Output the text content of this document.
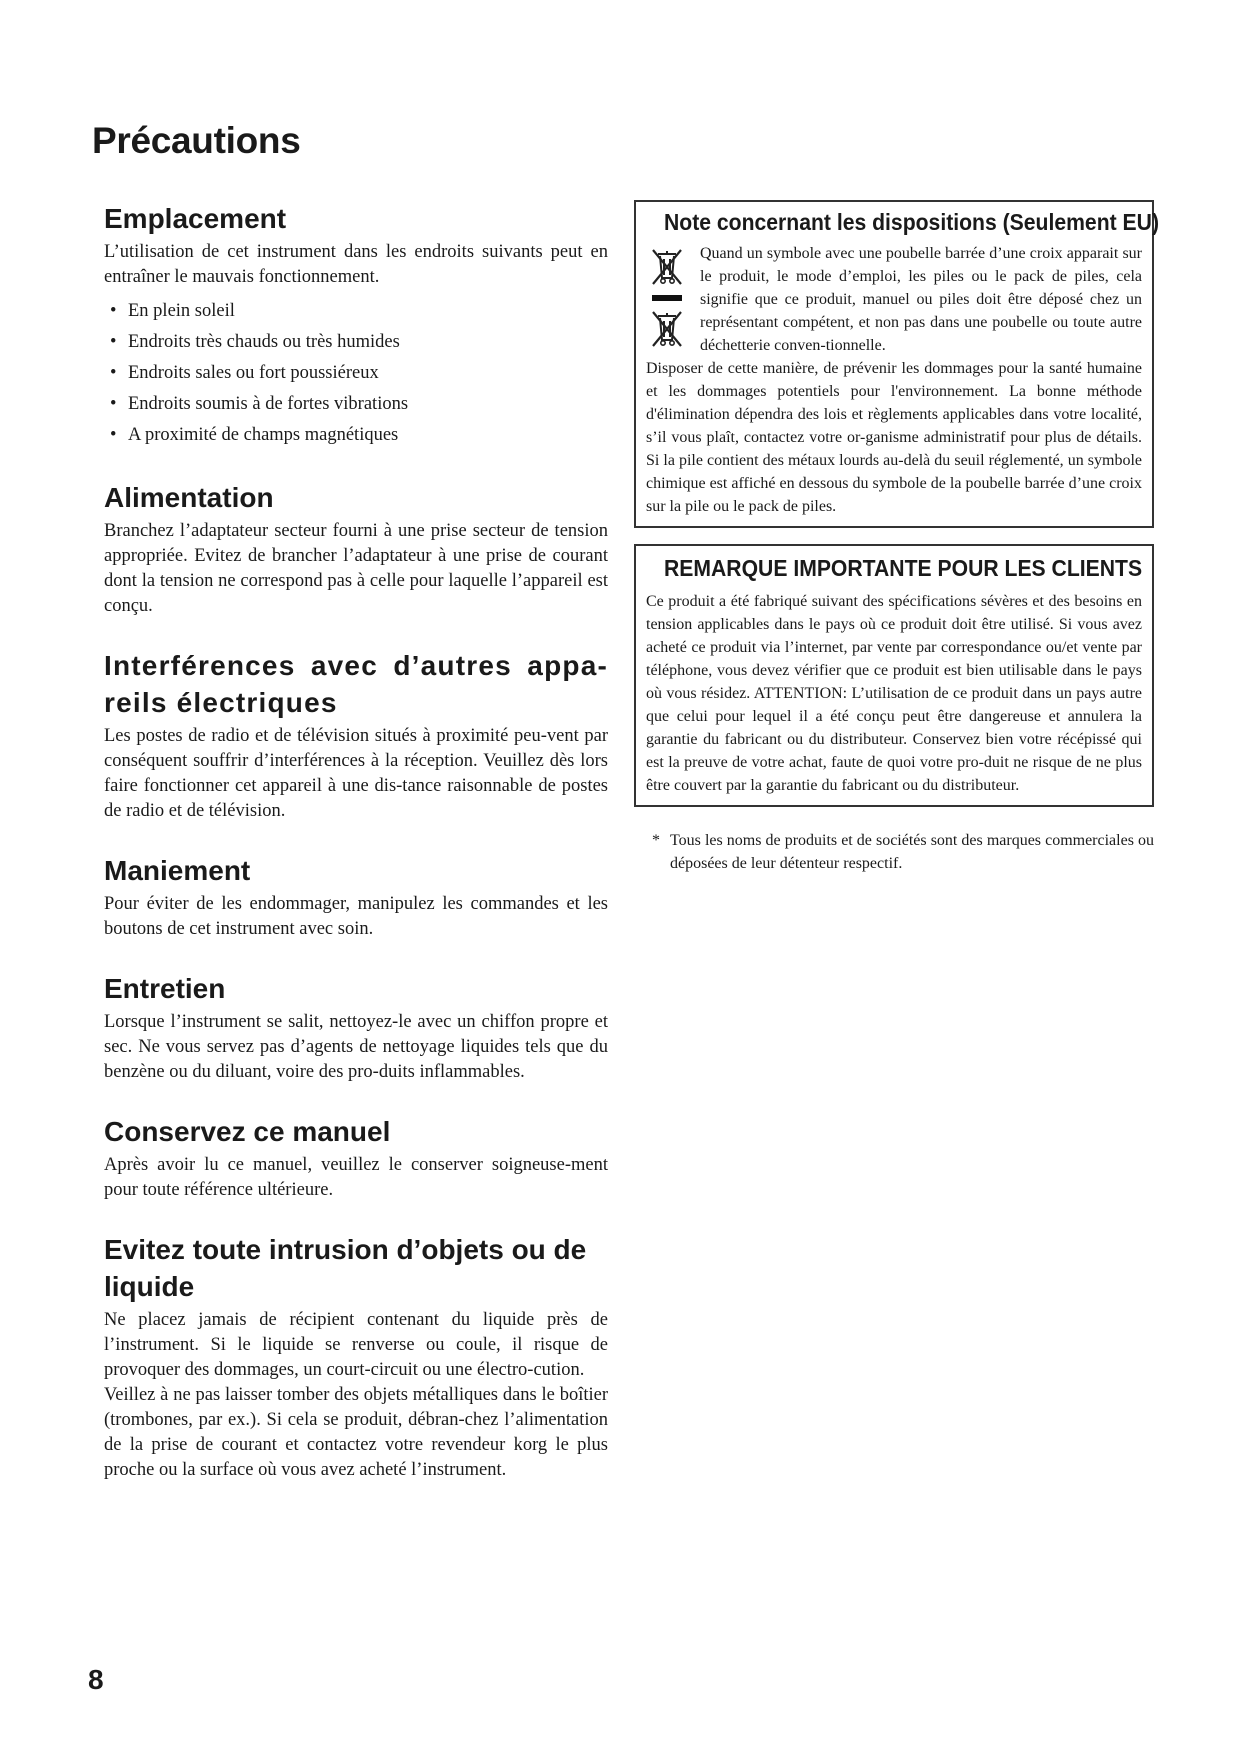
Précautions
Emplacement

L’utilisation de cet instrument dans les endroits suivants peut en entraîner le mauvais fonctionnement.

• En plein soleil
• Endroits très chauds ou très humides
• Endroits sales ou fort poussiéreux
• Endroits soumis à de fortes vibrations
• A proximité de champs magnétiques
Alimentation

Branchez l’adaptateur secteur fourni à une prise secteur de tension appropriée. Evitez de brancher l’adaptateur à une prise de courant dont la tension ne correspond pas à celle pour laquelle l’appareil est conçu.

Interférences avec d’autres appa-reils électriques

Les postes de radio et de télévision situés à proximité peu-vent par conséquent souffrir d’interférences à la réception. Veuillez dès lors faire fonctionner cet appareil à une dis-tance raisonnable de postes de radio et de télévision.

Maniement

Pour éviter de les endommager, manipulez les commandes et les boutons de cet instrument avec soin.

Entretien

Lorsque l’instrument se salit, nettoyez-le avec un chiffon propre et sec. Ne vous servez pas d’agents de nettoyage liquides tels que du benzène ou du diluant, voire des pro-duits inflammables.

Conservez ce manuel

Après avoir lu ce manuel, veuillez le conserver soigneuse-ment pour toute référence ultérieure.

Evitez toute intrusion d’objets ou de liquide

Ne placez jamais de récipient contenant du liquide près de l’instrument. Si le liquide se renverse ou coule, il risque de provoquer des dommages, un court-circuit ou une électro-cution.

Veillez à ne pas laisser tomber des objets métalliques dans le boîtier (trombones, par ex.). Si cela se produit, débran-chez l’alimentation de la prise de courant et contactez votre revendeur korg le plus proche ou la surface où vous avez acheté l’instrument.

Note concernant les dispositions (Seulement EU)

Quand un symbole avec une poubelle barrée d’une croix apparait sur le produit, le mode d’emploi, les piles ou le pack de piles, cela signifie que ce produit, manuel ou piles doit être déposé chez un représentant compétent, et non pas dans une poubelle ou toute autre déchetterie conven-tionnelle.

Disposer de cette manière, de prévenir les dommages pour la santé humaine et les dommages potentiels pour l'environnement. La bonne méthode d'élimination dépendra des lois et règlements applicables dans votre localité, s’il vous plaît, contactez votre or-ganisme administratif pour plus de détails. Si la pile contient des métaux lourds au-delà du seuil réglementé, un symbole chimique est affiché en dessous du symbole de la poubelle barrée d’une croix sur la pile ou le pack de piles.

REMARQUE IMPORTANTE POUR LES CLIENTS

Ce produit a été fabriqué suivant des spécifications sévères et des besoins en tension applicables dans le pays où ce produit doit être utilisé. Si vous avez acheté ce produit via l’internet, par vente par correspondance ou/et vente par téléphone, vous devez vérifier que ce produit est bien utilisable dans le pays où vous résidez. ATTENTION: L’utilisation de ce produit dans un pays autre que celui pour lequel il a été conçu peut être dangereuse et annulera la garantie du fabricant ou du distributeur. Conservez bien votre récépissé qui est la preuve de votre achat, faute de quoi votre pro-duit ne risque de ne plus être couvert par la garantie du fabricant ou du distributeur.

* Tous les noms de produits et de sociétés sont des marques commerciales ou déposées de leur détenteur respectif.

8
